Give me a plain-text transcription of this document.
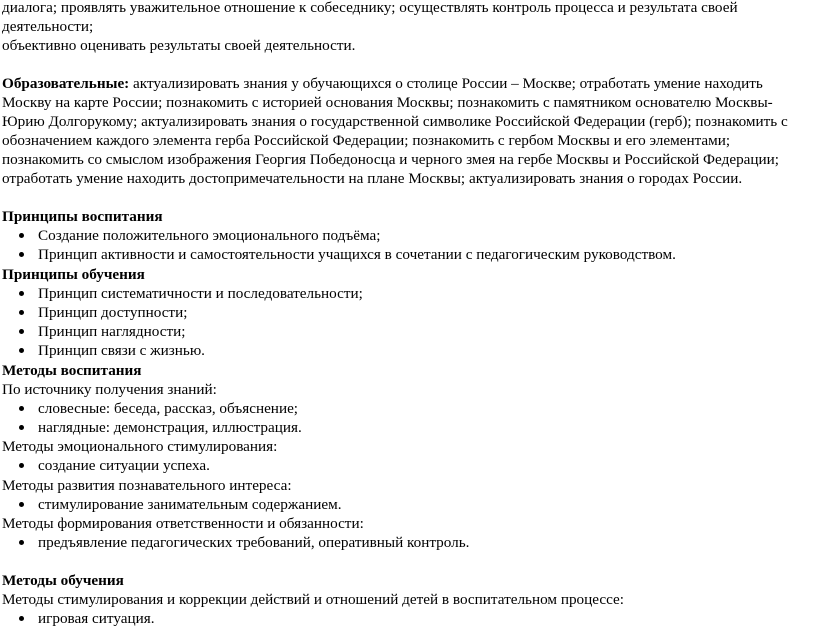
диалога; проявлять уважительное отношение к собеседнику; осуществлять контроль процесса и результата своей деятельности;

объективно оценивать результаты своей деятельности.

Образовательные: актуализировать знания у обучающихся о столице России – Москве; отработать умение находить Москву на карте России; познакомить с историей основания Москвы; познакомить с памятником основателю Москвы- Юрию Долгорукому; актуализировать знания о государственной символике Российской Федерации (герб); познакомить с обозначением каждого элемента герба Российской Федерации; познакомить с гербом Москвы и его элементами; познакомить со смыслом изображения Георгия Победоносца и черного змея на гербе Москвы и Российской Федерации; отработать умение находить достопримечательности на плане Москвы; актуализировать знания о городах России.

Принципы воспитания

Создание положительного эмоционального подъёма;
Принцип активности и самостоятельности учащихся в сочетании с педагогическим руководством.

Принципы обучения

Принцип систематичности и последовательности;
Принцип доступности;
Принцип наглядности;
Принцип связи с жизнью.

Методы воспитания

По источнику получения знаний:

словесные: беседа, рассказ, объяснение;
наглядные: демонстрация, иллюстрация.

Методы эмоционального стимулирования:

создание ситуации успеха.

Методы развития познавательного интереса:

стимулирование занимательным содержанием.

Методы формирования ответственности и обязанности:

предъявление педагогических требований, оперативный контроль.

Методы обучения

Методы стимулирования и коррекции действий и отношений детей в воспитательном процессе:

игровая ситуация.
